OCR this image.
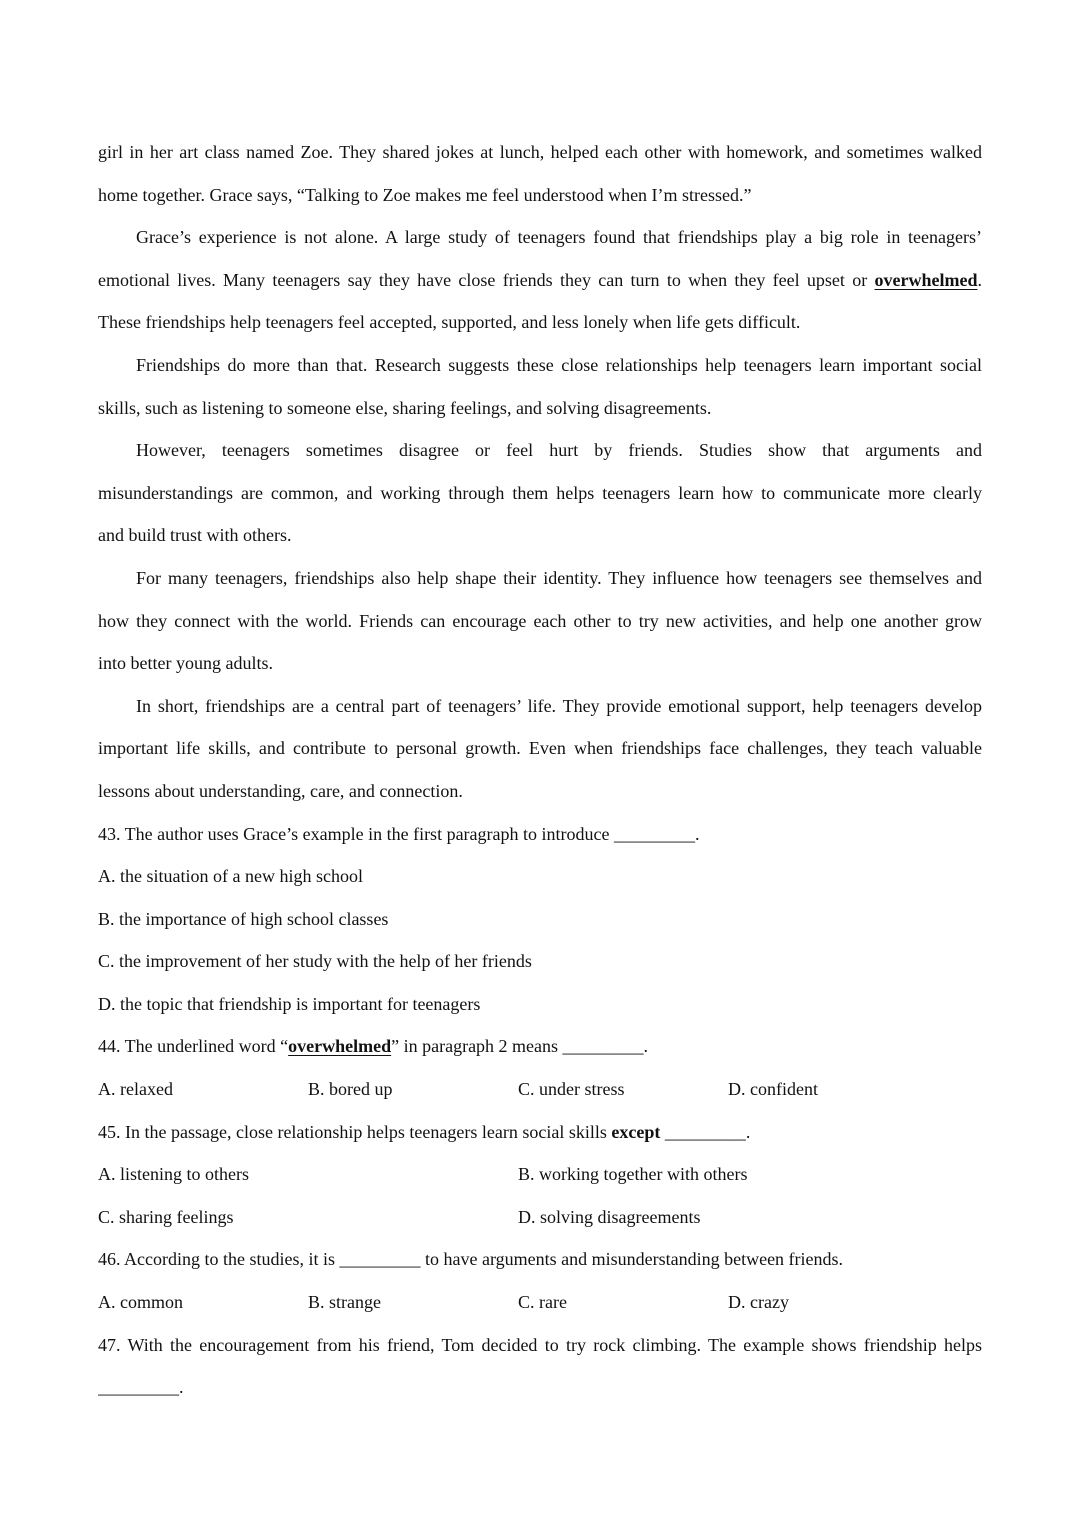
girl in her art class named Zoe. They shared jokes at lunch, helped each other with homework, and sometimes walked
home together. Grace says, “Talking to Zoe makes me feel understood when I’m stressed.”
Grace’s experience is not alone. A large study of teenagers found that friendships play a big role in teenagers’
emotional lives. Many teenagers say they have close friends they can turn to when they feel upset or overwhelmed.
These friendships help teenagers feel accepted, supported, and less lonely when life gets difficult.
Friendships do more than that. Research suggests these close relationships help teenagers learn important social
skills, such as listening to someone else, sharing feelings, and solving disagreements.
However, teenagers sometimes disagree or feel hurt by friends. Studies show that arguments and
misunderstandings are common, and working through them helps teenagers learn how to communicate more clearly
and build trust with others.
For many teenagers, friendships also help shape their identity. They influence how teenagers see themselves and
how they connect with the world. Friends can encourage each other to try new activities, and help one another grow
into better young adults.
In short, friendships are a central part of teenagers’ life. They provide emotional support, help teenagers develop
important life skills, and contribute to personal growth. Even when friendships face challenges, they teach valuable
lessons about understanding, care, and connection.
43. The author uses Grace’s example in the first paragraph to introduce _________.
A. the situation of a new high school
B. the importance of high school classes
C. the improvement of her study with the help of her friends
D. the topic that friendship is important for teenagers
44. The underlined word “overwhelmed” in paragraph 2 means _________.
A. relaxed	B. bored up	C. under stress	D. confident
45. In the passage, close relationship helps teenagers learn social skills except _________.
A. listening to others	B. working together with others
C. sharing feelings	D. solving disagreements
46. According to the studies, it is _________ to have arguments and misunderstanding between friends.
A. common	B. strange	C. rare	D. crazy
47. With the encouragement from his friend, Tom decided to try rock climbing. The example shows friendship helps
_________.
